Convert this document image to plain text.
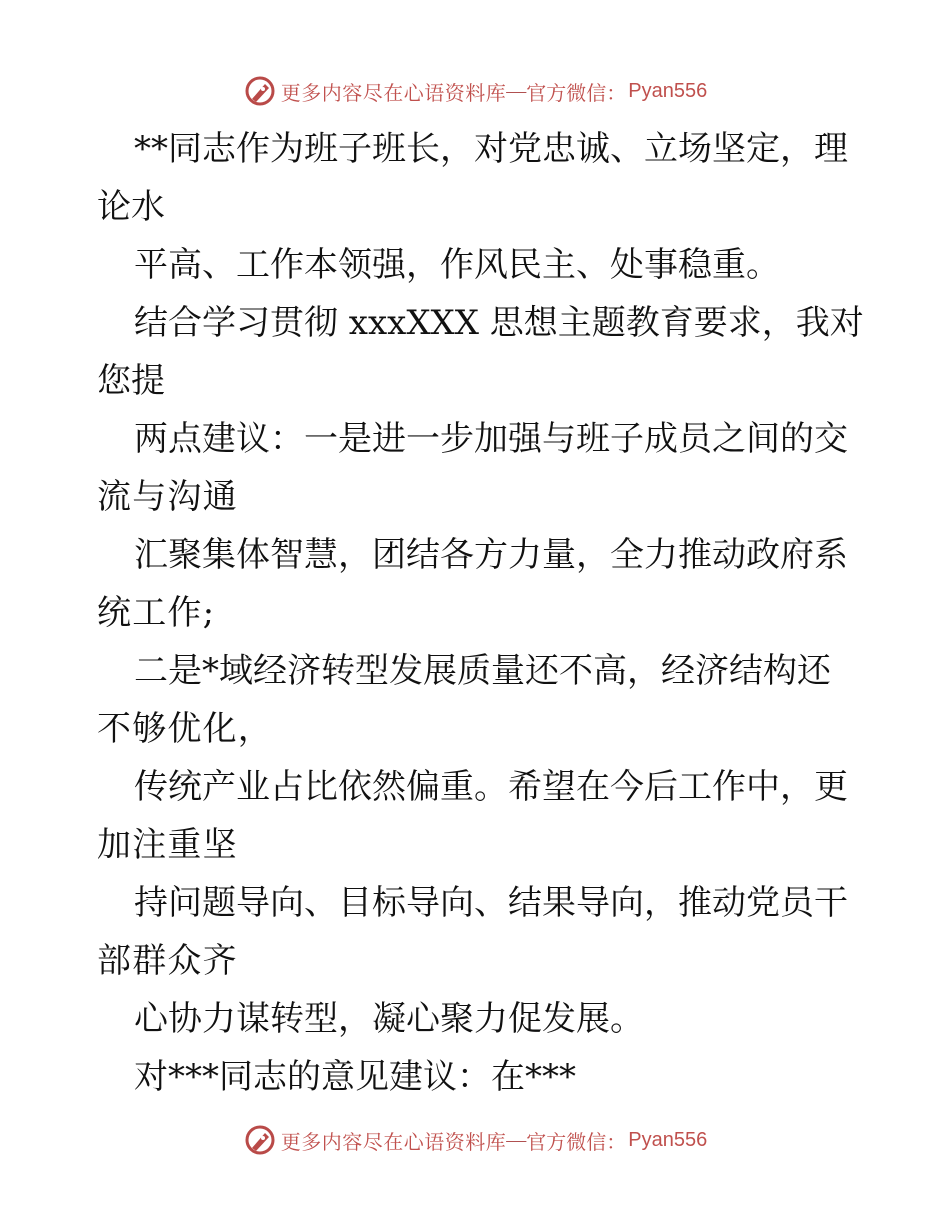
更多内容尽在心语资料库 — 官方微信： Pyan556
**同志作为班子班长，对党忠诚、立场坚定，理
论水
平高、工作本领强，作风民主、处事稳重。
结合学习贯彻 xxxXXX 思想主题教育要求，我对
您提
两点建议：一是进一步加强与班子成员之间的交
流与沟通
汇聚集体智慧，团结各方力量，全力推动政府系
统工作;
二是*域经济转型发展质量还不高，经济结构还
不够优化，
传统产业占比依然偏重。希望在今后工作中，更
加注重坚
持问题导向、目标导向、结果导向，推动党员干
部群众齐
心协力谋转型，凝心聚力促发展。
对***同志的意见建议：在***
更多内容尽在心语资料库 — 官方微信： Pyan556
